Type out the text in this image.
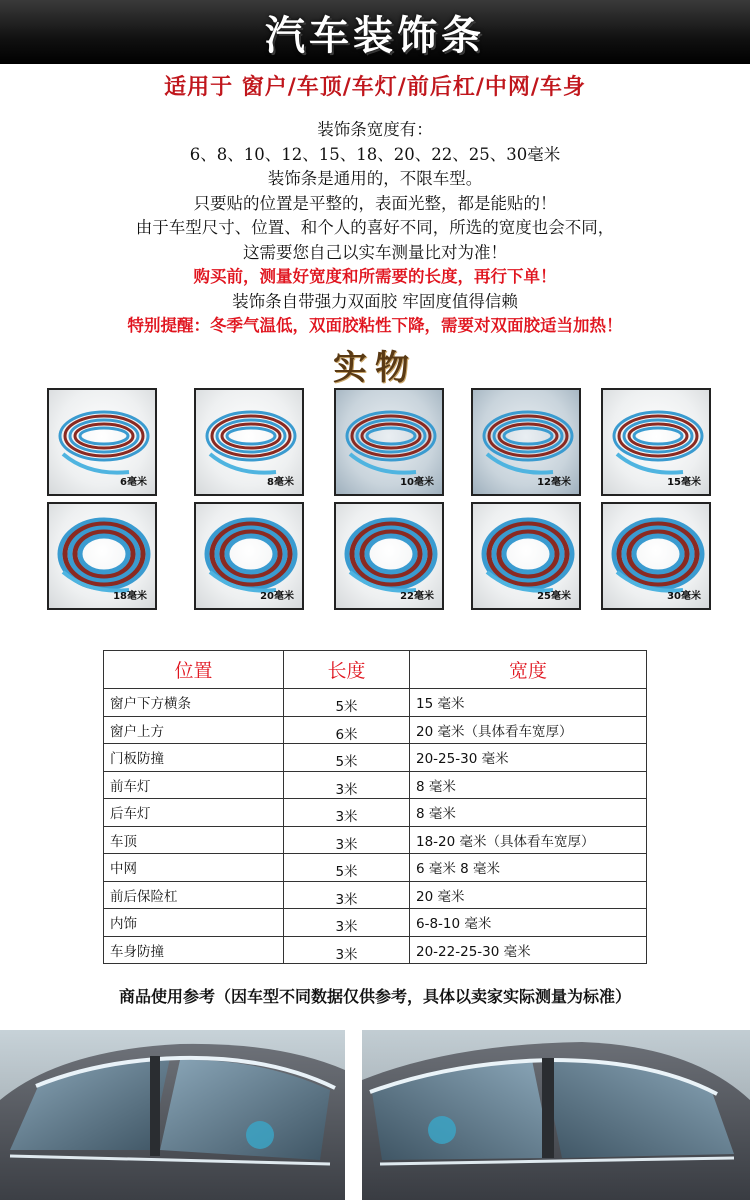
汽车装饰条
适用于 窗户/车顶/车灯/前后杠/中网/车身

装饰条宽度有：

6、8、10、12、15、18、20、22、25、30毫米

装饰条是通用的，不限车型。

只要贴的位置是平整的，表面光整，都是能贴的！

由于车型尺寸、位置、和个人的喜好不同，所选的宽度也会不同，

这需要您自己以实车测量比对为准！

购买前，测量好宽度和所需要的长度，再行下单！

装饰条自带强力双面胶 牢固度值得信赖

特别提醒：冬季气温低，双面胶粘性下降，需要对双面胶适当加热！

实物
6毫米	8毫米	10毫米	12毫米	15毫米
18毫米	20毫米	22毫米	25毫米	30毫米
位置	长度	宽度
窗户下方横条	5米	15 毫米
窗户上方	6米	20 毫米（具体看车宽厚）
门板防撞	5米	20-25-30 毫米
前车灯	3米	8 毫米
后车灯	3米	8 毫米
车顶	3米	18-20 毫米（具体看车宽厚）
中网	5米	6 毫米 8 毫米
前后保险杠	3米	20 毫米
内饰	3米	6-8-10 毫米
车身防撞	3米	20-22-25-30 毫米
商品使用参考（因车型不同数据仅供参考，具体以卖家实际测量为标准）
